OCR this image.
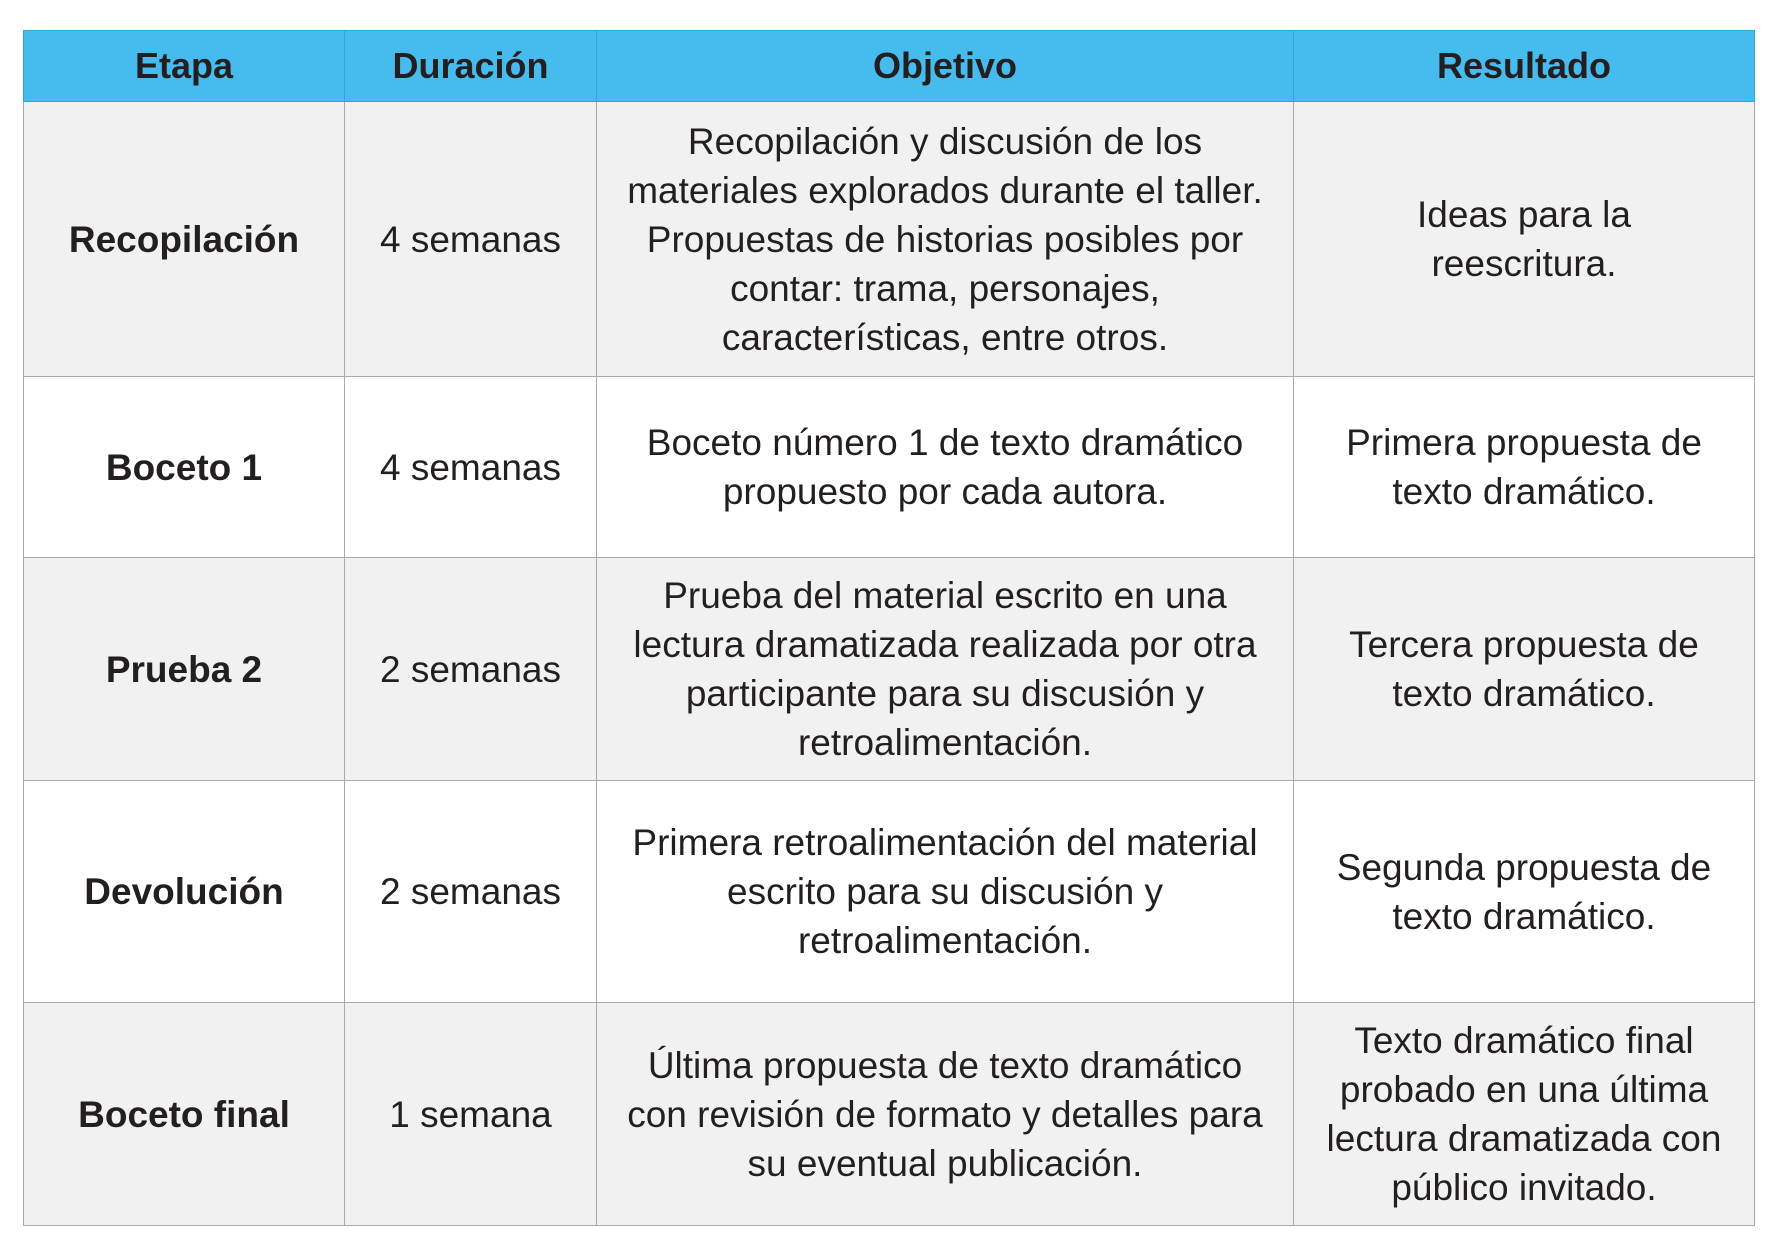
Etapa	Duración	Objetivo	Resultado
Recopilación	4 semanas	Recopilación y discusión de los materiales explorados durante el taller. Propuestas de historias posibles por contar: trama, personajes, características, entre otros.	Ideas para la reescritura.
Boceto 1	4 semanas	Boceto número 1 de texto dramático propuesto por cada autora.	Primera propuesta de texto dramático.
Prueba 2	2 semanas	Prueba del material escrito en una lectura dramatizada realizada por otra participante para su discusión y retroalimentación.	Tercera propuesta de texto dramático.
Devolución	2 semanas	Primera retroalimentación del material escrito para su discusión y retroalimentación.	Segunda propuesta de texto dramático.
Boceto final	1 semana	Última propuesta de texto dramático con revisión de formato y detalles para su eventual publicación.	Texto dramático final probado en una última lectura dramatizada con público invitado.
